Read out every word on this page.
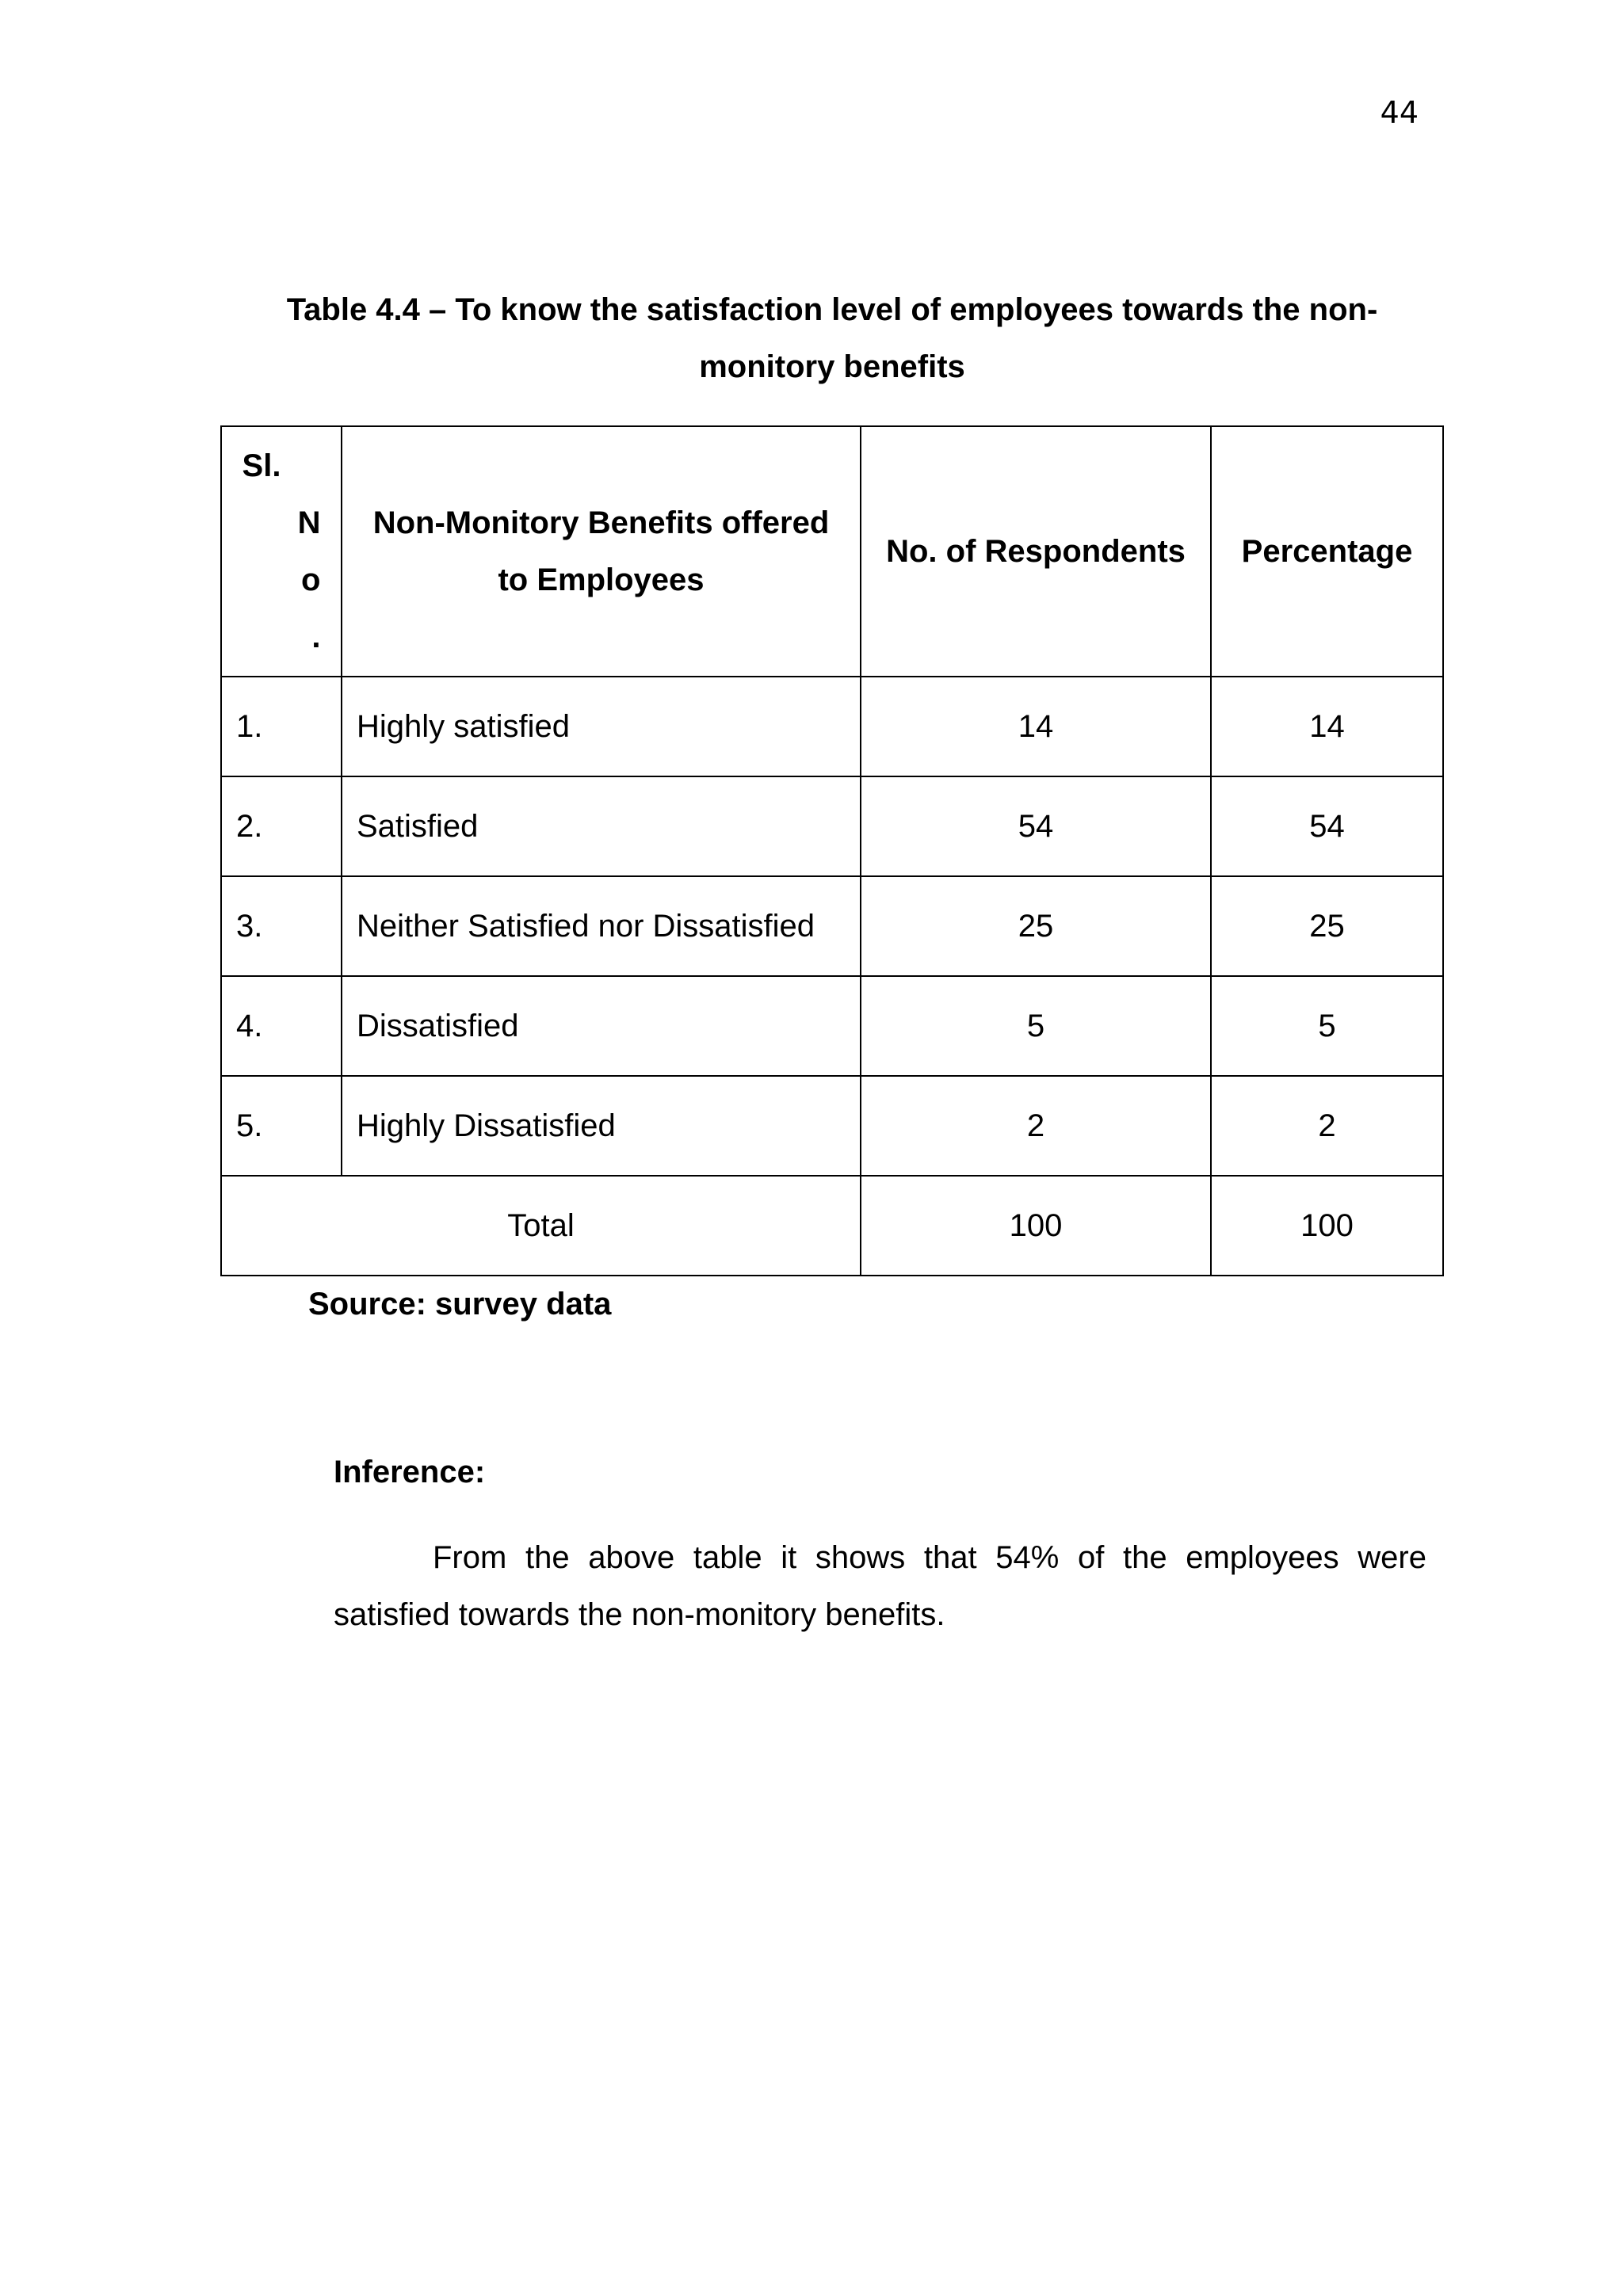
44
Table 4.4 – To know the satisfaction level of employees towards the non-
monitory benefits
Sl.
N
o
.	Non-Monitory Benefits offered to Employees	No. of Respondents	Percentage
1.	Highly satisfied	14	14
2.	Satisfied	54	54
3.	Neither Satisfied nor Dissatisfied	25	25
4.	Dissatisfied	5	5
5.	Highly Dissatisfied	2	2
Total		100	100
Source: survey data
Inference:
From the above table it shows that 54% of the employees were satisfied towards the non-monitory benefits.
